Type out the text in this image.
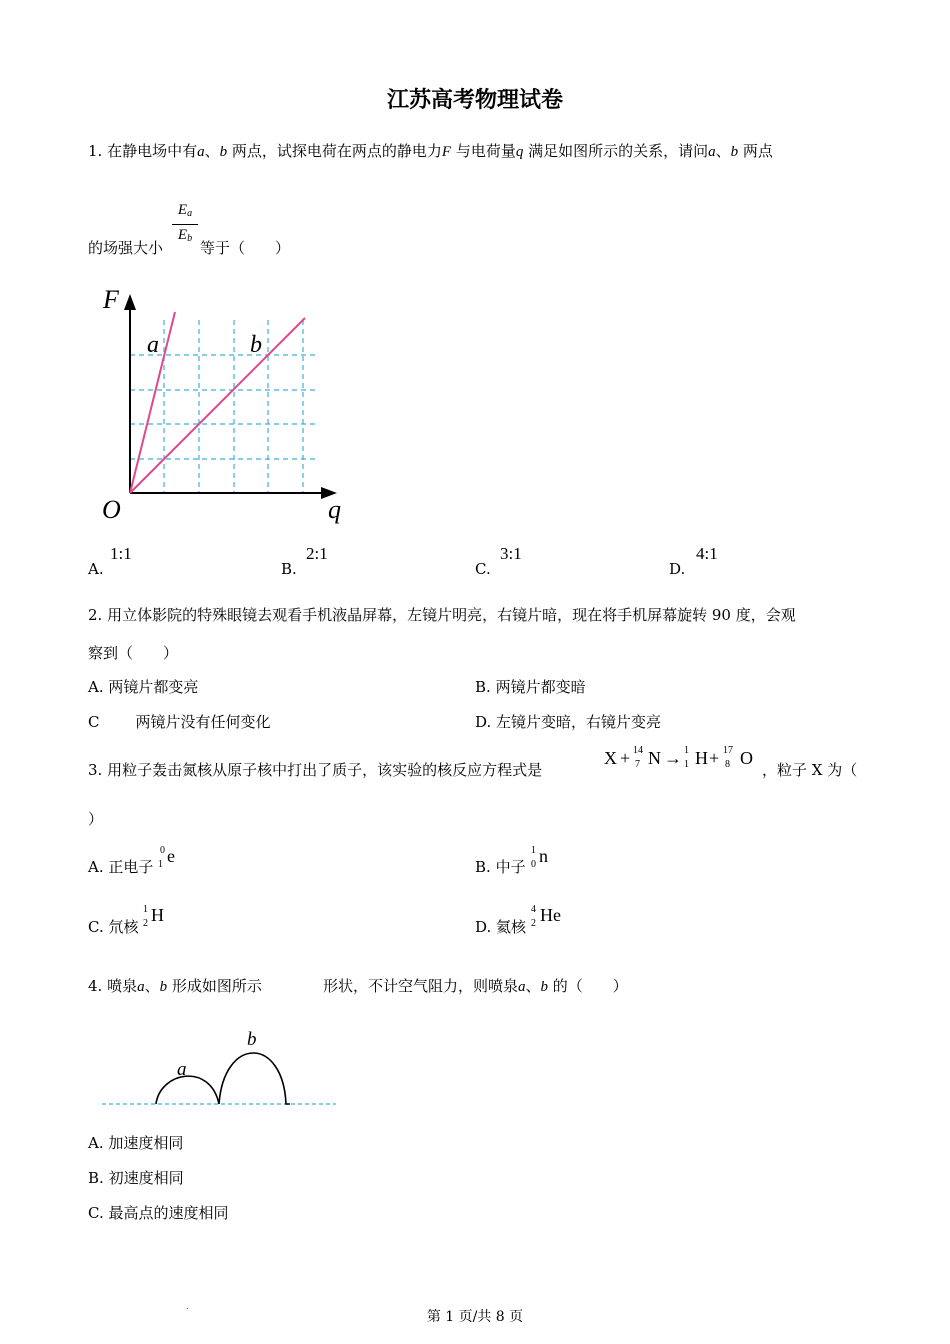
江苏高考物理试卷
1. 在静电场中有a、b 两点，试探电荷在两点的静电力F 与电荷量q 满足如图所示的关系，请问a、b 两点
的场强大小
$E_a$
$E_b$
等于（　　）
F
q
O
a	b
A.
1:1
B.
2:1
C.
3:1
D.
4:1
2. 用立体影院的特殊眼镜去观看手机液晶屏幕，左镜片明亮，右镜片暗，现在将手机屏幕旋转 90 度，会观
察到（　　）
A. 两镜片都变亮	B. 两镜片都变暗
C 两镜片没有任何变化	D. 左镜片变暗，右镜片变亮
3. 用粒子轰击氮核从原子核中打出了质子，该实验的核反应方程式是
X + 14
7 N → 1
1 H + 17
8 O
，粒子 X 为（
）
A. 正电子
0
1 e
B. 中子
1
0 n
C. 氘核
1
2 H
D. 氦核
4
2 He
4. 喷泉a、b 形成如图所示	形状，不计空气阻力，则喷泉a、b 的（　　）
a
b
A. 加速度相同
B. 初速度相同
C. 最高点的速度相同
.
第 1 页/共 8 页
